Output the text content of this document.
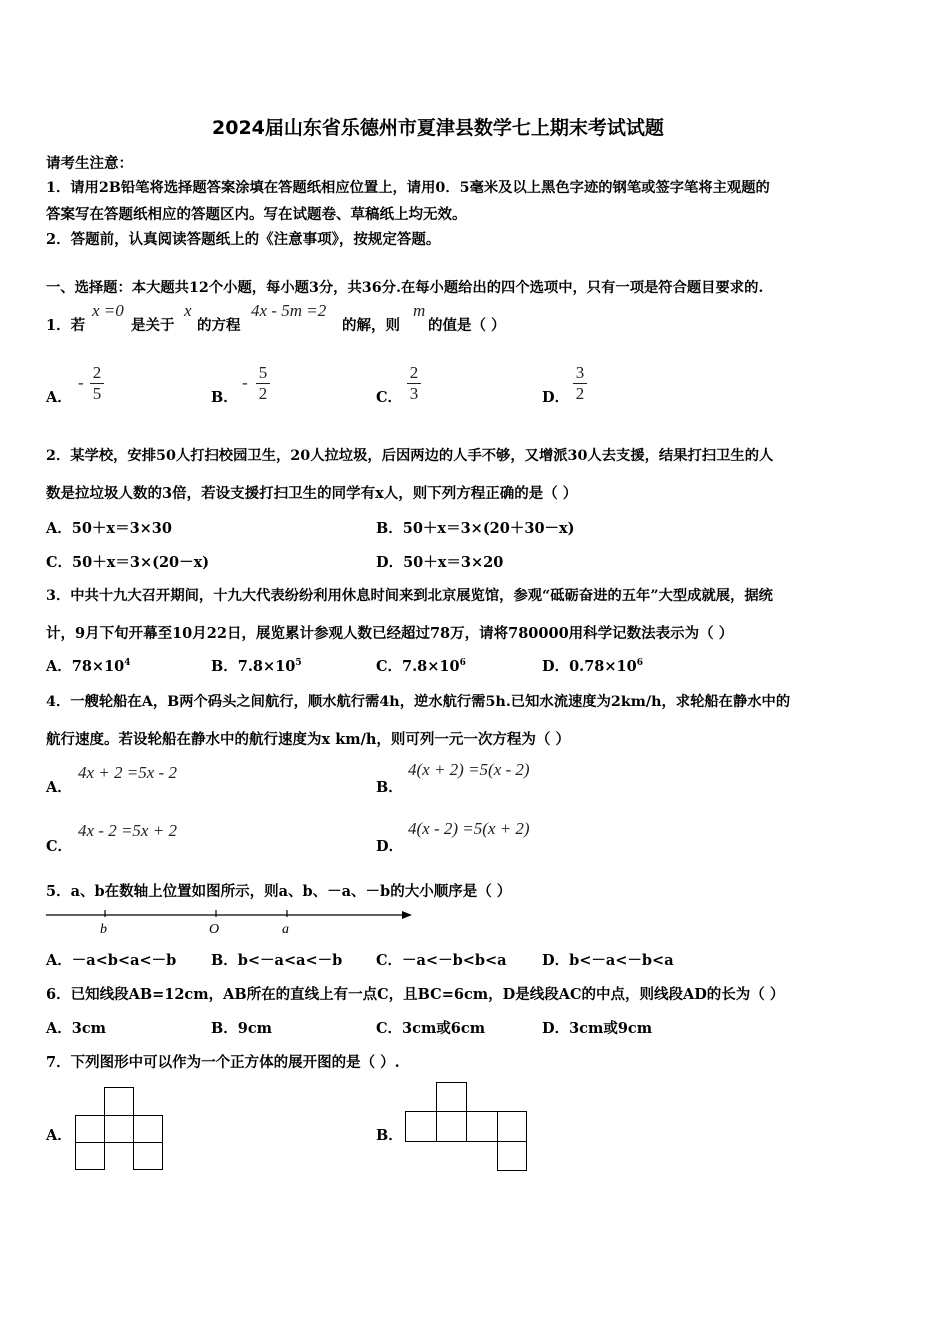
2024届山东省乐德州市夏津县数学七上期末考试试题
请考生注意：
1．请用2B铅笔将选择题答案涂填在答题纸相应位置上，请用0．5毫米及以上黑色字迹的钢笔或签字笔将主观题的
答案写在答题纸相应的答题区内。写在试题卷、草稿纸上均无效。
2．答题前，认真阅读答题纸上的《注意事项》，按规定答题。
一、选择题：本大题共12个小题，每小题3分，共36分.在每小题给出的四个选项中，只有一项是符合题目要求的.
1．若
x =0
是关于
x
的方程
4x - 5m =2
的解，则
m
的值是（ ）
A．
-
2
5	B．
-
5
2	C．
2
3	D．
3
2
2．某学校，安排50人打扫校园卫生，20人拉垃圾，后因两边的人手不够，又增派30人去支援，结果打扫卫生的人
数是拉垃圾人数的3倍，若设支援打扫卫生的同学有x人，则下列方程正确的是（ ）
A．50＋x＝3×30	B．50＋x＝3×(20＋30－x)
C．50＋x＝3×(20－x)	D．50＋x＝3×20
3．中共十九大召开期间，十九大代表纷纷利用休息时间来到北京展览馆，参观“砥砺奋进的五年”大型成就展，据统
计，9月下旬开幕至10月22日，展览累计参观人数已经超过78万，请将780000用科学记数法表示为（ ）
A．$78\times 10^4$	B．$7.8\times 10^5$	C．$7.8\times 10^6$	D．$0.78\times 10^6$
4．一艘轮船在A，B两个码头之间航行，顺水航行需4h，逆水航行需5h.已知水流速度为2km/h，求轮船在静水中的
航行速度。若设轮船在静水中的航行速度为x km/h，则可列一元一次方程为（ ）
A．
4x + 2 =5x - 2
B．
4(x + 2) =5(x - 2)
C．
4x - 2 =5x + 2
D．
4(x - 2) =5(x + 2)
5．a、b在数轴上位置如图所示，则a、b、－a、－b的大小顺序是（ ）
b	O	a
A．－a<b<a<－b B．b<－a<a<－b C．－a<－b<b<a D．b<－a<－b<a
6．已知线段AB=12cm，AB所在的直线上有一点C，且BC=6cm，D是线段AC的中点，则线段AD的长为（ ）
A．3cm	B．9cm	C．3cm或6cm	D．3cm或9cm
7．下列图形中可以作为一个正方体的展开图的是（ ）.
A．	B．
